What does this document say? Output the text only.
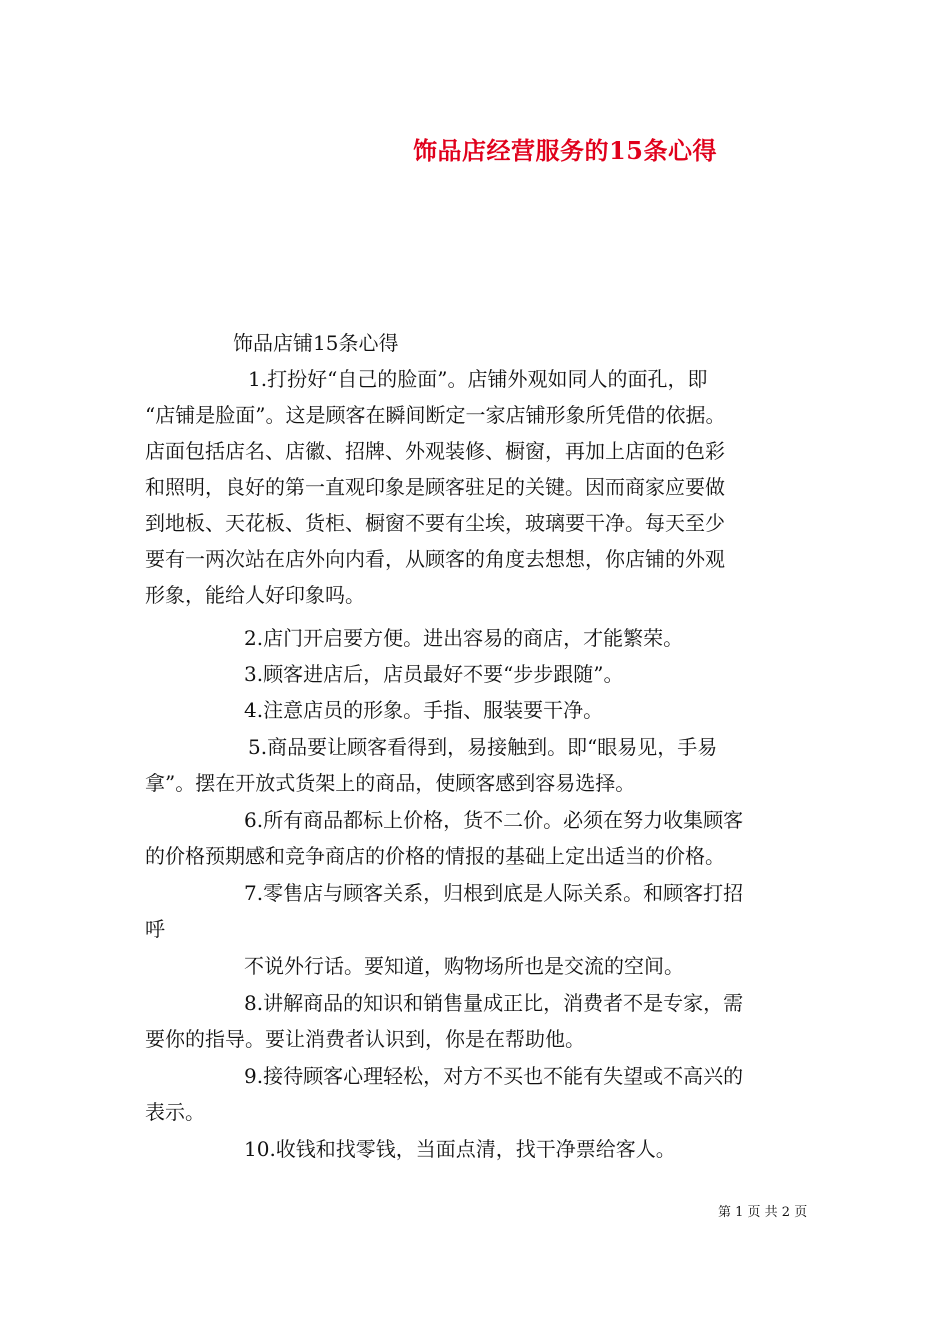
饰品店经营服务的15条心得
饰品店铺15条心得
1.打扮好“自己的脸面”。店铺外观如同人的面孔，即
“店铺是脸面”。这是顾客在瞬间断定一家店铺形象所凭借的依据。
店面包括店名、店徽、招牌、外观装修、橱窗，再加上店面的色彩
和照明，良好的第一直观印象是顾客驻足的关键。因而商家应要做
到地板、天花板、货柜、橱窗不要有尘埃，玻璃要干净。每天至少
要有一两次站在店外向内看，从顾客的角度去想想，你店铺的外观
形象，能给人好印象吗。
2.店门开启要方便。进出容易的商店，才能繁荣。
3.顾客进店后，店员最好不要“步步跟随”。
4.注意店员的形象。手指、服装要干净。
5.商品要让顾客看得到，易接触到。即“眼易见，手易
拿”。摆在开放式货架上的商品，使顾客感到容易选择。
6.所有商品都标上价格，货不二价。必须在努力收集顾客
的价格预期感和竞争商店的价格的情报的基础上定出适当的价格。
7.零售店与顾客关系，归根到底是人际关系。和顾客打招
呼
不说外行话。要知道，购物场所也是交流的空间。
8.讲解商品的知识和销售量成正比，消费者不是专家，需
要你的指导。要让消费者认识到，你是在帮助他。
9.接待顾客心理轻松，对方不买也不能有失望或不高兴的
表示。
10.收钱和找零钱，当面点清，找干净票给客人。
第 1 页 共 2 页
